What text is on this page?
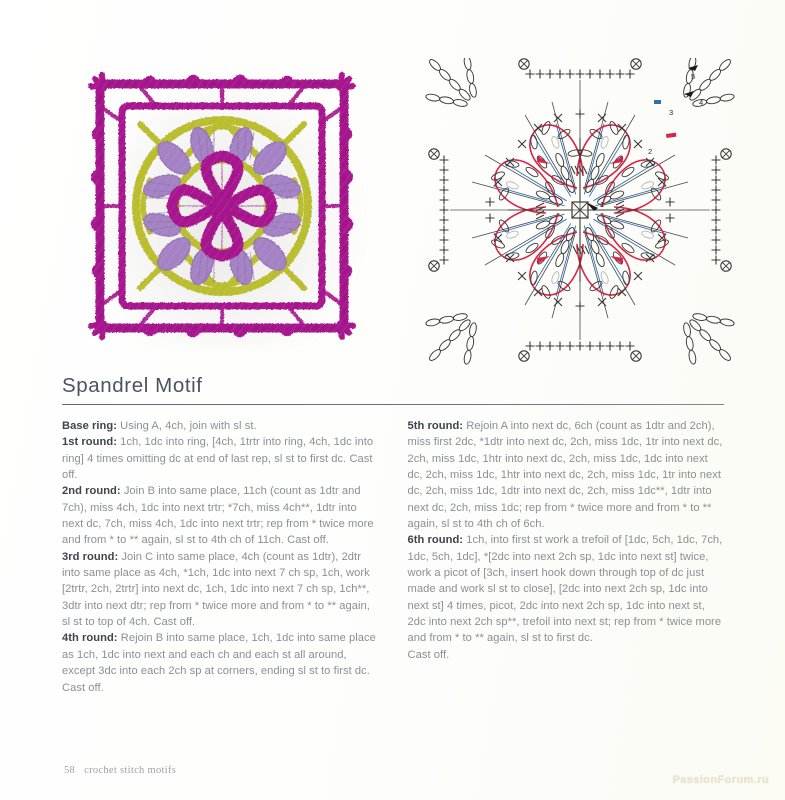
1
2
3
4
5
Spandrel Motif

Base ring: Using A, 4ch, join with sl st.

1st round: 1ch, 1dc into ring, [4ch, 1trtr into ring, 4ch, 1dc into ring] 4 times omitting dc at end of last rep, sl st to first dc. Cast off.

2nd round: Join B into same place, 11ch (count as 1dtr and 7ch), miss 4ch, 1dc into next trtr; *7ch, miss 4ch**, 1dtr into next dc, 7ch, miss 4ch, 1dc into next trtr; rep from * twice more and from * to ** again, sl st to 4th ch of 11ch. Cast off.

3rd round: Join C into same place, 4ch (count as 1dtr), 2dtr into same place as 4ch, *1ch, 1dc into next 7 ch sp, 1ch, work [2trtr, 2ch, 2trtr] into next dc, 1ch, 1dc into next 7 ch sp, 1ch**, 3dtr into next dtr; rep from * twice more and from * to ** again, sl st to top of 4ch. Cast off.

4th round: Rejoin B into same place, 1ch, 1dc into same place as 1ch, 1dc into next and each ch and each st all around, except 3dc into each 2ch sp at corners, ending sl st to first dc. Cast off.

5th round: Rejoin A into next dc, 6ch (count as 1dtr and 2ch), miss first 2dc, *1dtr into next dc, 2ch, miss 1dc, 1tr into next dc, 2ch, miss 1dc, 1htr into next dc, 2ch, miss 1dc, 1dc into next dc, 2ch, miss 1dc, 1htr into next dc, 2ch, miss 1dc, 1tr into next dc, 2ch, miss 1dc, 1dtr into next dc, 2ch, miss 1dc**, 1dtr into next dc, 2ch, miss 1dc; rep from * twice more and from * to ** again, sl st to 4th ch of 6ch.

6th round: 1ch, into first st work a trefoil of [1dc, 5ch, 1dc, 7ch, 1dc, 5ch, 1dc], *[2dc into next 2ch sp, 1dc into next st] twice, work a picot of [3ch, insert hook down through top of dc just made and work sl st to close], [2dc into next 2ch sp, 1dc into next st] 4 times, picot, 2dc into next 2ch sp, 1dc into next st, 2dc into next 2ch sp**, trefoil into next st; rep from * twice more and from * to ** again, sl st to first dc.

Cast off.

58 crochet stitch motifs
PassionForum.ru
